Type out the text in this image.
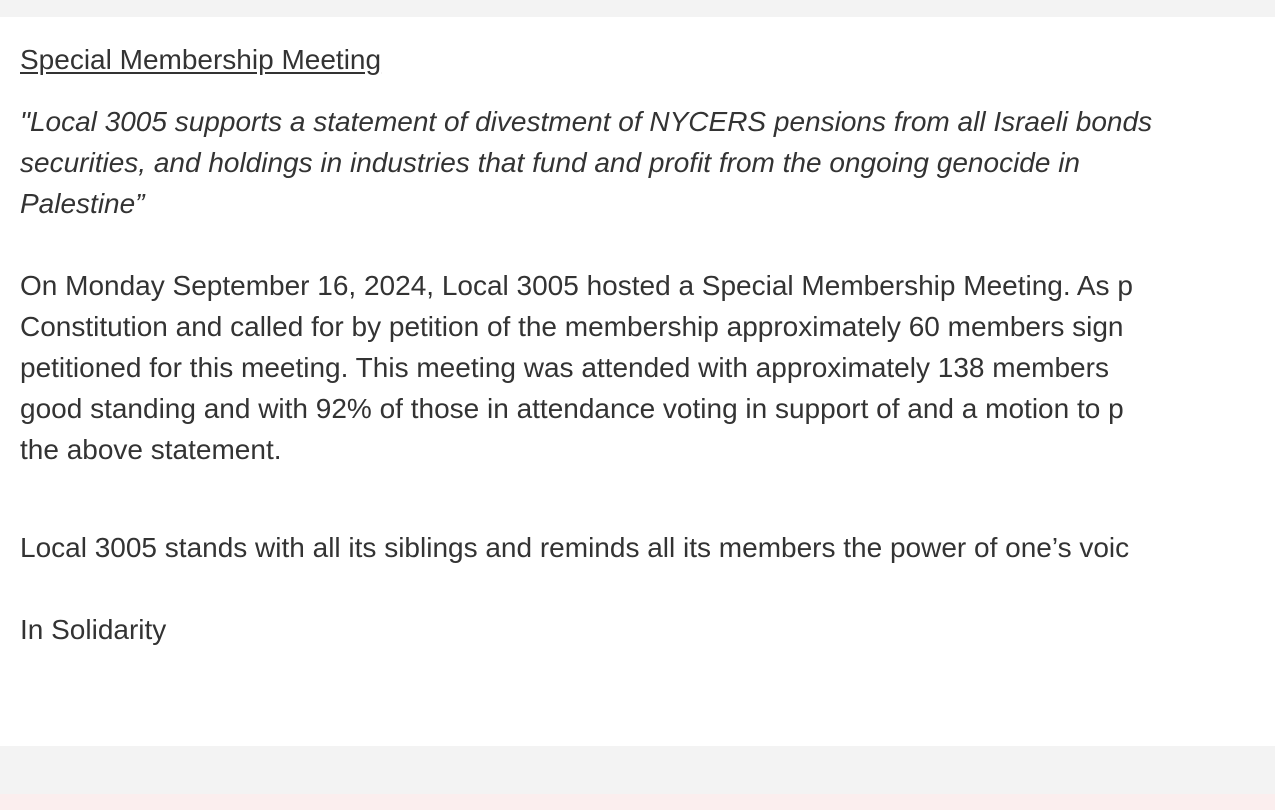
Special Membership Meeting
"Local 3005 supports a statement of divestment of NYCERS pensions from all Israeli bonds
securities, and holdings in industries that fund and profit from the ongoing genocide in
Palestine”
On Monday September 16, 2024, Local 3005 hosted a Special Membership Meeting. As p
Constitution and called for by petition of the membership approximately 60 members sign
petitioned for this meeting. This meeting was attended with approximately 138 members
good standing and with 92% of those in attendance voting in support of and a motion to p
the above statement.
Local 3005 stands with all its siblings and reminds all its members the power of one’s voic
In Solidarity
